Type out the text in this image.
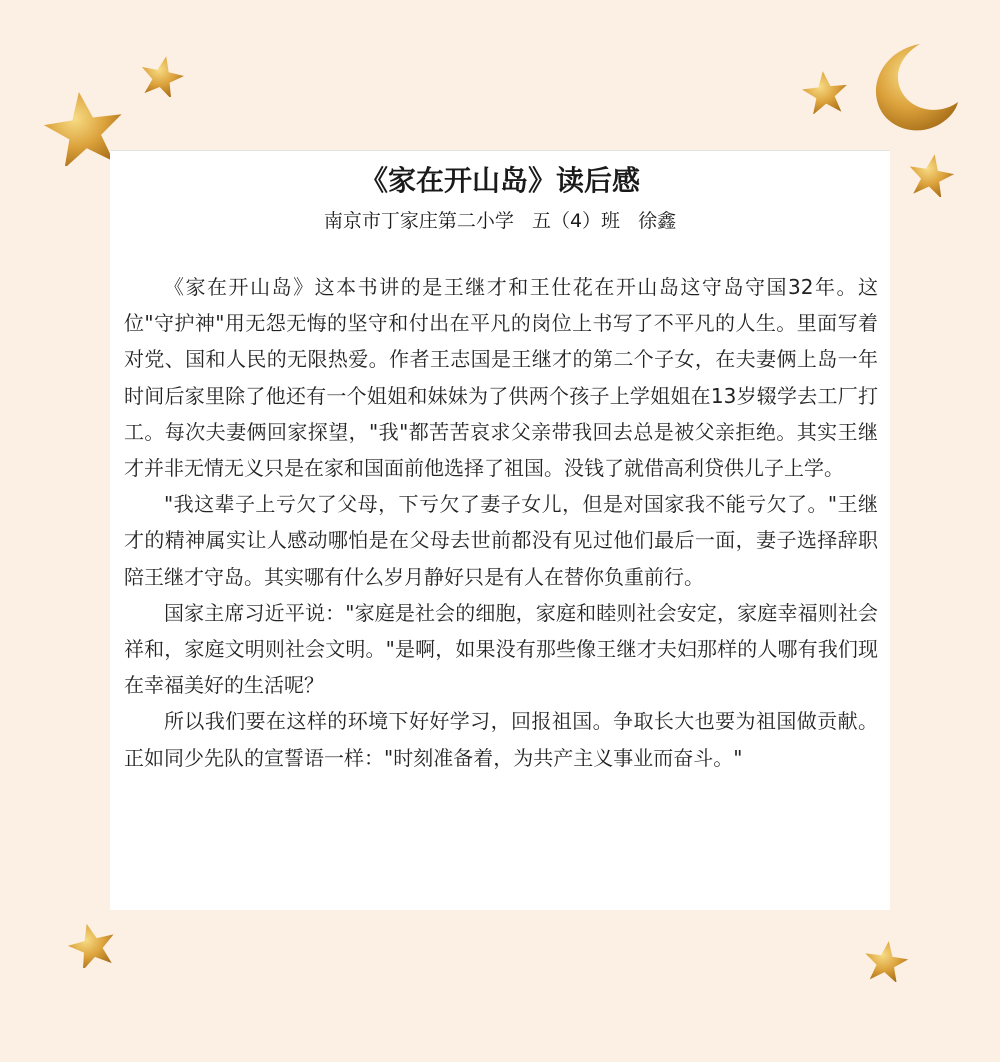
《家在开山岛》读后感
南京市丁家庄第二小学   五（4）班   徐鑫

《家在开山岛》这本书讲的是王继才和王仕花在开山岛这守岛守国32年。这位"守护神"用无怨无悔的坚守和付出在平凡的岗位上书写了不平凡的人生。里面写着对党、国和人民的无限热爱。作者王志国是王继才的第二个子女，在夫妻俩上岛一年时间后家里除了他还有一个姐姐和妹妹为了供两个孩子上学姐姐在13岁辍学去工厂打工。每次夫妻俩回家探望，"我"都苦苦哀求父亲带我回去总是被父亲拒绝。其实王继才并非无情无义只是在家和国面前他选择了祖国。没钱了就借高利贷供儿子上学。

"我这辈子上亏欠了父母，下亏欠了妻子女儿，但是对国家我不能亏欠了。"王继才的精神属实让人感动哪怕是在父母去世前都没有见过他们最后一面，妻子选择辞职陪王继才守岛。其实哪有什么岁月静好只是有人在替你负重前行。

国家主席习近平说："家庭是社会的细胞，家庭和睦则社会安定，家庭幸福则社会祥和，家庭文明则社会文明。"是啊，如果没有那些像王继才夫妇那样的人哪有我们现在幸福美好的生活呢？

所以我们要在这样的环境下好好学习，回报祖国。争取长大也要为祖国做贡献。正如同少先队的宣誓语一样："时刻准备着，为共产主义事业而奋斗。"
